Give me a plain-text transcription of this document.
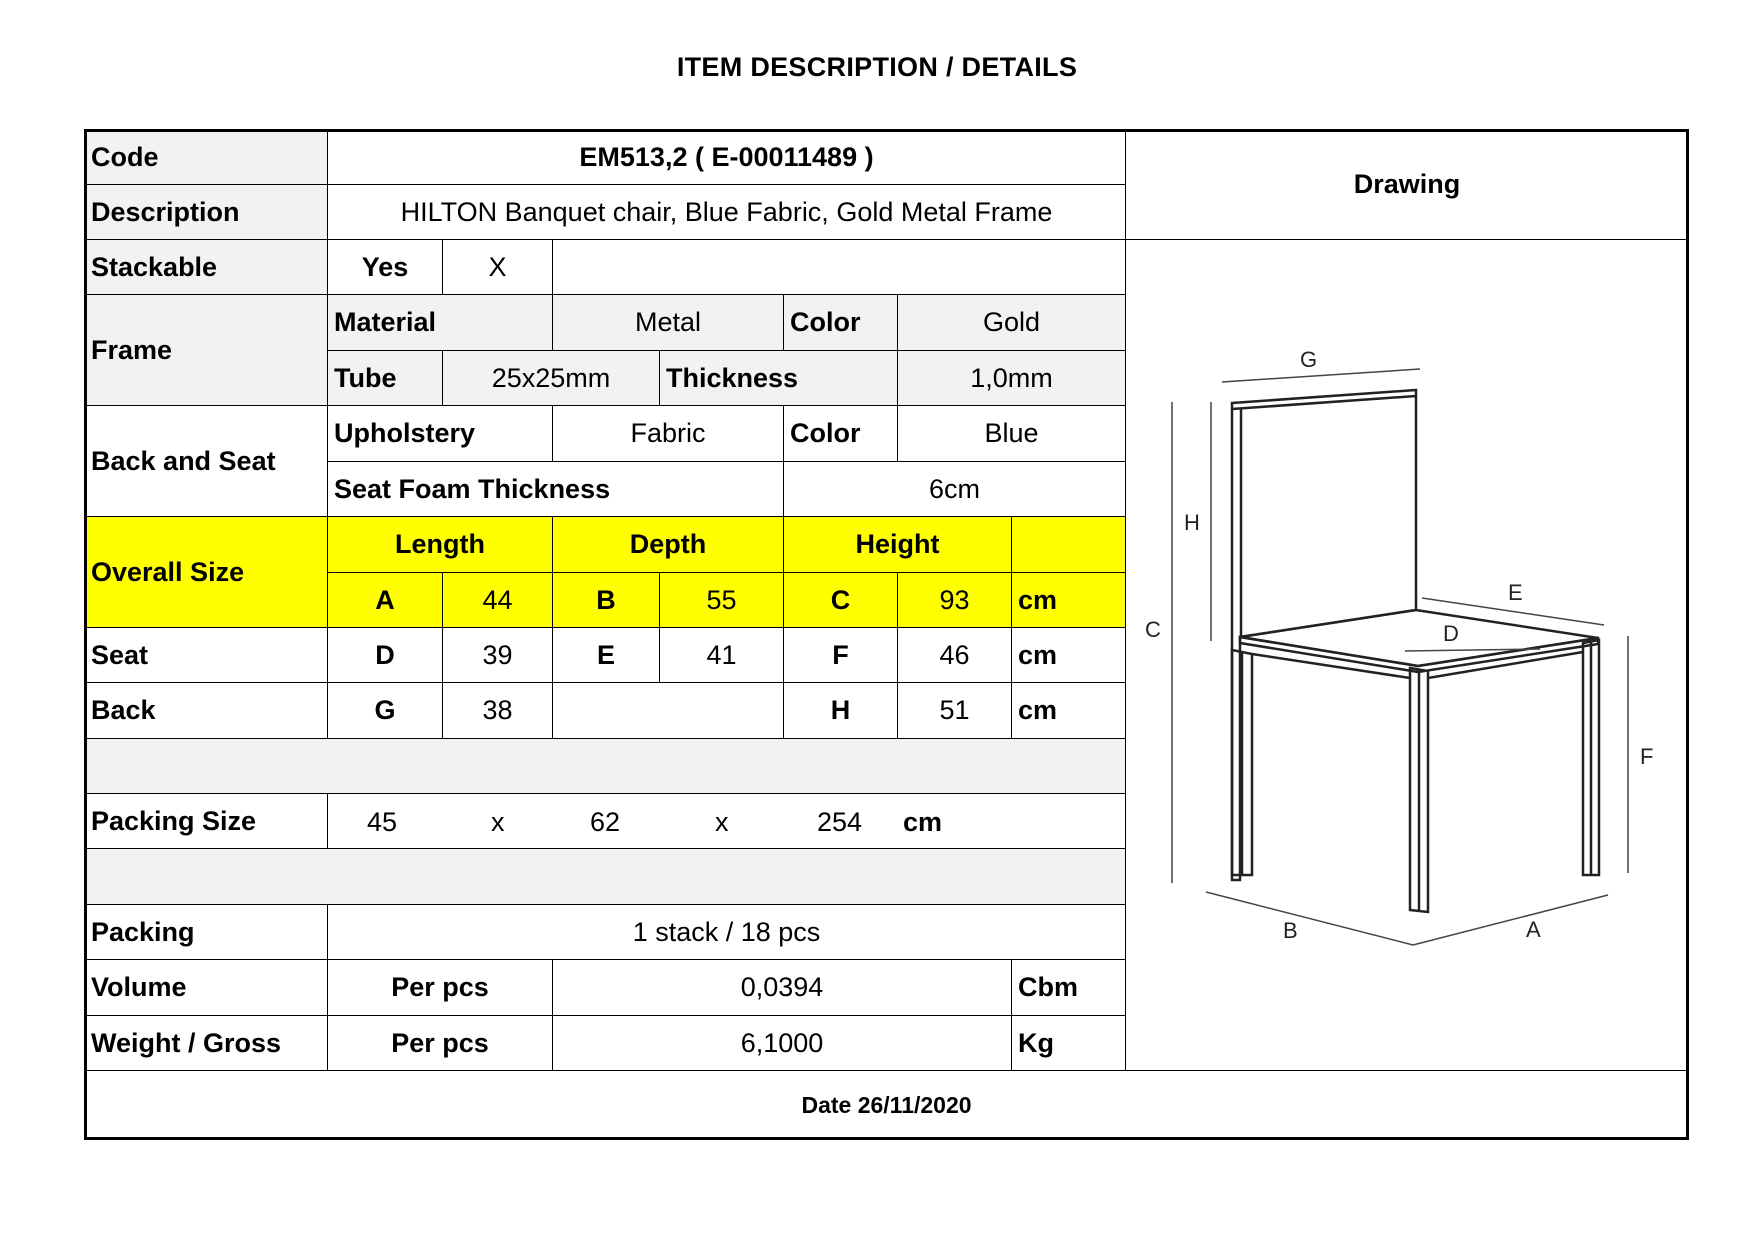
ITEM DESCRIPTION / DETAILS
Code	EM513,2 ( E-00011489 )
Description	HILTON Banquet chair, Blue Fabric, Gold Metal Frame
Drawing
Stackable	Yes	X
Frame
Material	Metal	Color	Gold
Tube	25x25mm	Thickness	1,0mm
Back and Seat
Upholstery	Fabric	Color	Blue
Seat Foam Thickness	6cm
Overall Size
Length	Depth	Height
A	44	B	55	C	93	cm
Seat	D	39	E	41	F	46	cm
Back	G	38	H	51	cm
Packing Size	45	x	62	x	254 cm
Packing	1 stack / 18 pcs
Volume	Per pcs	0,0394	Cbm
Weight / Gross	Per pcs	6,1000	Kg
G
H
C
E
D
F
B	A
Date 26/11/2020
